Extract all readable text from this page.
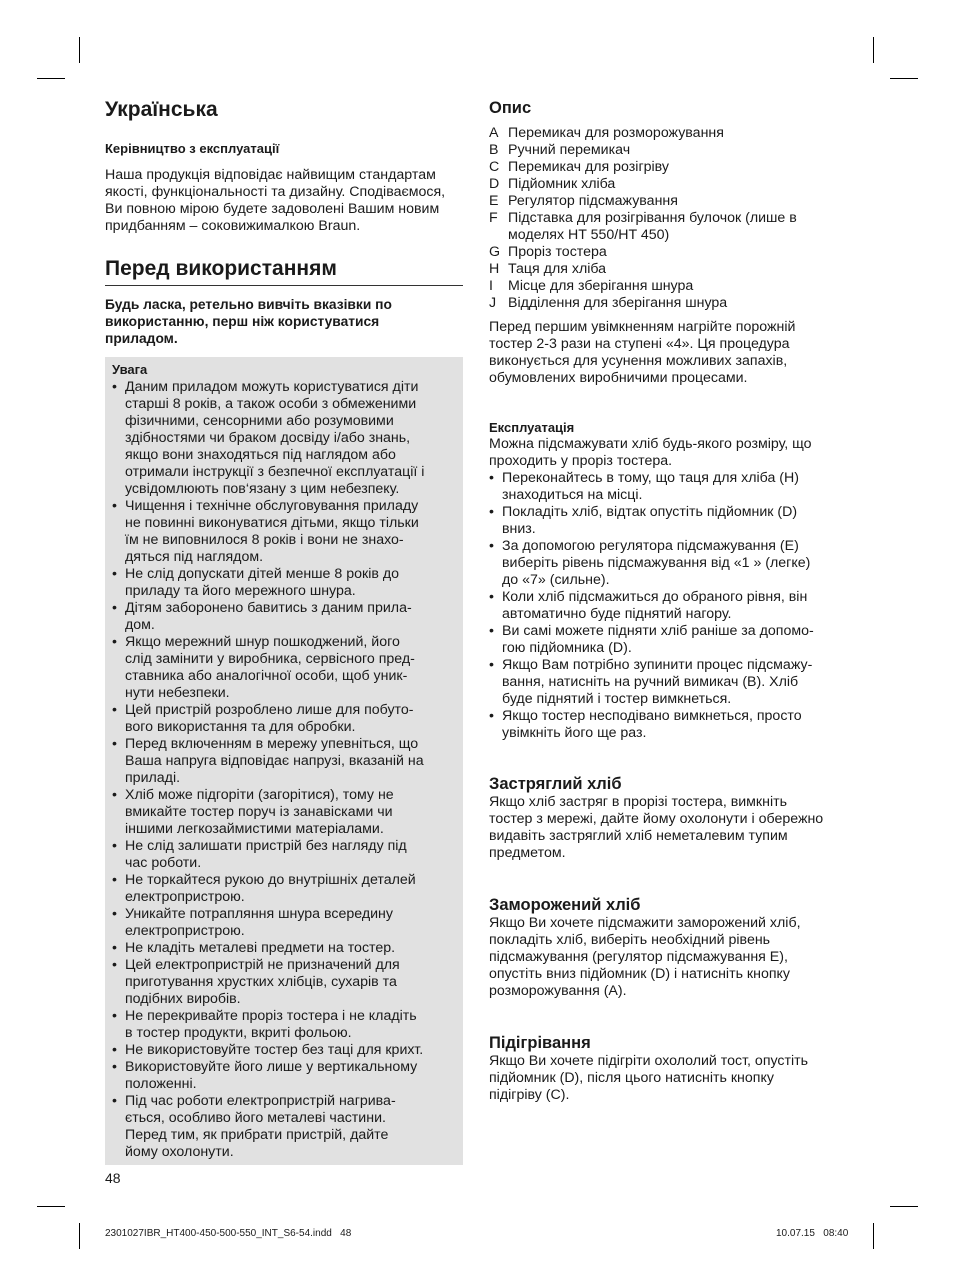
Українська
Керівництво з експлуатації

Наша продукція відповідає найвищим стандартам
якості, функціональності та дизайну. Сподіваємося,
Ви повною мірою будете задоволені Вашим новим
придбанням – соковижималкою Braun.

Перед використанням

Будь ласка, ретельно вивчіть вказівки по
використанню, перш ніж користуватися
приладом.

Увага
• Даним приладом можуть користуватися діти
старші 8 років, а також особи з обмеженими
фізичними, сенсорними або розумовими
здібностями чи браком досвіду і/або знань,
якщо вони знаходяться під наглядом або
отримали інструкції з безпечної експлуатації і
усвідомлюють пов‘язану з цим небезпеку.
• Чищення і технічне обслуговування приладу
не повинні виконуватися дітьми, якщо тільки
їм не виповнилося 8 років і вони не знахо-
дяться під наглядом.
• Не слід допускати дітей менше 8 років до
приладу та його мережного шнура.
• Дітям заборонено бавитись з даним прила-
дом.
• Якщо мережний шнур пошкоджений, його
слід замінити у виробника, сервісного пред-
ставника або аналогічної особи, щоб уник-
нути небезпеки.
• Цей пристрій розроблено лише для побуто-
вого використання та для обробки.
• Перед включенням в мережу упевніться, що
Ваша напруга відповідає напрузі, вказаній на
приладі.
• Хліб може підгоріти (загорітися), тому не
вмикайте тостер поруч із занавісками чи
іншими легкозаймистими матеріалами.
• Не слід залишати пристрій без нагляду під
час роботи.
• Не торкайтеся рукою до внутрішніх деталей
електропристрою.
• Уникайте потрапляння шнура всередину
електропристрою.
• Не кладіть металеві предмети на тостер.
• Цей електропристрій не призначений для
приготування хрустких хлібців, сухарів та
подібних виробів.
• Не перекривайте проріз тостера і не кладіть
в тостер продукти, вкриті фольою.
• Не використовуйте тостер без таці для крихт.
• Використовуйте його лише у вертикальному
положенні.
• Під час роботи електропристрій нагрива-
ється, особливо його металеві частини.
Перед тим, як прибрати пристрій, дайте
йому охолонути.
Опис
A Перемикач для розморожування
B Ручний перемикач
C Перемикач для розігріву
D Підйомник хліба
E Регулятор підсмажування
F Підставка для розігрівання булочок (лише в
моделях HT 550/HT 450)
G Проріз тостера
H Таця для хліба
I	Місце для зберігання шнура
J Відділення для зберігання шнура

Перед першим увімкненням нагрійте порожній
тостер 2-3 рази на ступені «4». Ця процедура
виконується для усунення можливих запахів,
обумовлених виробничими процесами.

Експлуатація

Можна підсмажувати хліб будь-якого розміру, що
проходить у проріз тостера.

• Переконайтесь в тому, що таця для хліба (H)
знаходиться на місці.
• Покладіть хліб, відтак опустіть підйомник (D)
вниз.
• За допомогою регулятора підсмажування (E)
виберіть рівень підсмажування від «1 » (легке)
до «7» (сильне).
• Коли хліб підсмажиться до обраного рівня, він
автоматично буде піднятий нагору.
• Ви самі можете підняти хліб раніше за допомо-
гою підйомника (D).
• Якщо Вам потрібно зупинити процес підсмажу-
вання, натисніть на ручний вимикач (B). Хліб
буде піднятий і тостер вимкнеться.
• Якщо тостер несподівано вимкнеться, просто
увімкніть його ще раз.
Застряглий хліб

Якщо хліб застряг в прорізі тостера, вимкніть
тостер з мережі, дайте йому охолонути і обережно
видавіть застряглий хліб неметалевим тупим
предметом.

Заморожений хліб

Якщо Ви хочете підсмажити заморожений хліб,
покладіть хліб, виберіть необхідний рівень
підсмажування (регулятор підсмажування E),
опустіть вниз підйомник (D) і натисніть кнопку
розморожування (A).

Підігрівання

Якщо Ви хочете підігріти охололий тост, опустіть
підйомник (D), після цього натисніть кнопку
підігріву (C).

48
2301027IBR_HT400-450-500-550_INT_S6-54.indd   48	10.07.15   08:40
